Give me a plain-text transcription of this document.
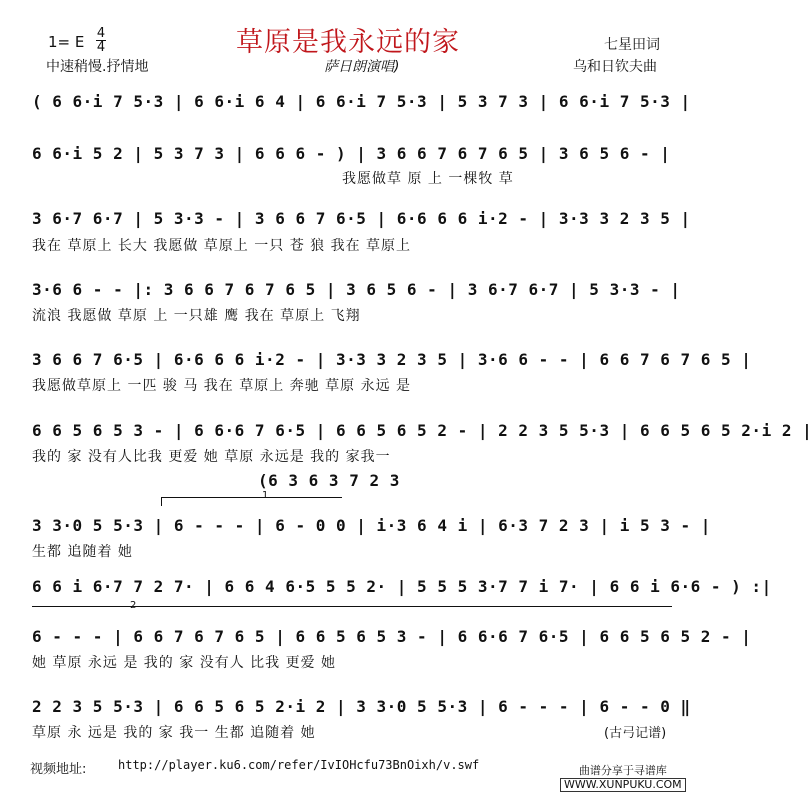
草原是我永远的家
1= E 4
4
中速稍慢.抒情地	萨日朗演唱)
七星田词
乌和日钦夫曲
( 6 6·i 7 5·3 | 6 6·i 6 4 | 6 6·i 7 5·3 | 5 3 7 3 | 6 6·i 7 5·3 |
6 6·i 5 2 | 5 3 7 3 | 6 6 6 - ) | 3 6 6 7 6 7 6 5 | 3 6 5 6 - |
我愿做草 原 上 一棵牧 草
3 6·7 6·7 | 5 3·3 - | 3 6 6 7 6·5 | 6·6 6 6 i·2 - | 3·3 3 2 3 5 |
我在 草原上 长大 我愿做 草原上 一只 苍 狼 我在 草原上
3·6 6 - - |: 3 6 6 7 6 7 6 5 | 3 6 5 6 - | 3 6·7 6·7 | 5 3·3 - |
流浪 我愿做 草原 上 一只雄 鹰 我在 草原上 飞翔
3 6 6 7 6·5 | 6·6 6 6 i·2 - | 3·3 3 2 3 5 | 3·6 6 - - | 6 6 7 6 7 6 5 |
我愿做草原上 一匹 骏 马 我在 草原上 奔驰 草原 永远 是
6 6 5 6 5 3 - | 6 6·6 7 6·5 | 6 6 5 6 5 2 - | 2 2 3 5 5·3 | 6 6 5 6 5 2·i 2 |
我的 家 没有人比我 更爱 她 草原 永远是 我的 家我一
(6 3 6 3 7 2 3
1
3 3·0 5 5·3 | 6 - - - | 6 - 0 0 | i·3 6 4 i | 6·3 7 2 3 | i 5 3 - |
生都 追随着 她
6 6 i 6·7 7 2 7· | 6 6 4 6·5 5 5 2· | 5 5 5 3·7 7 i 7· | 6 6 i 6·6 - ) :|
2
6 - - - | 6 6 7 6 7 6 5 | 6 6 5 6 5 3 - | 6 6·6 7 6·5 | 6 6 5 6 5 2 - |
她 草原 永远 是 我的 家 没有人 比我 更爱 她
2 2 3 5 5·3 | 6 6 5 6 5 2·i 2 | 3 3·0 5 5·3 | 6 - - - | 6 - - 0 ‖
草原 永 远是 我的 家 我一 生都 追随着 她	(古弓记谱)
视频地址:	http://player.ku6.com/refer/IvIOHcfu73BnOixh/v.swf	曲谱分享于寻谱库
WWW.XUNPUKU.COM
